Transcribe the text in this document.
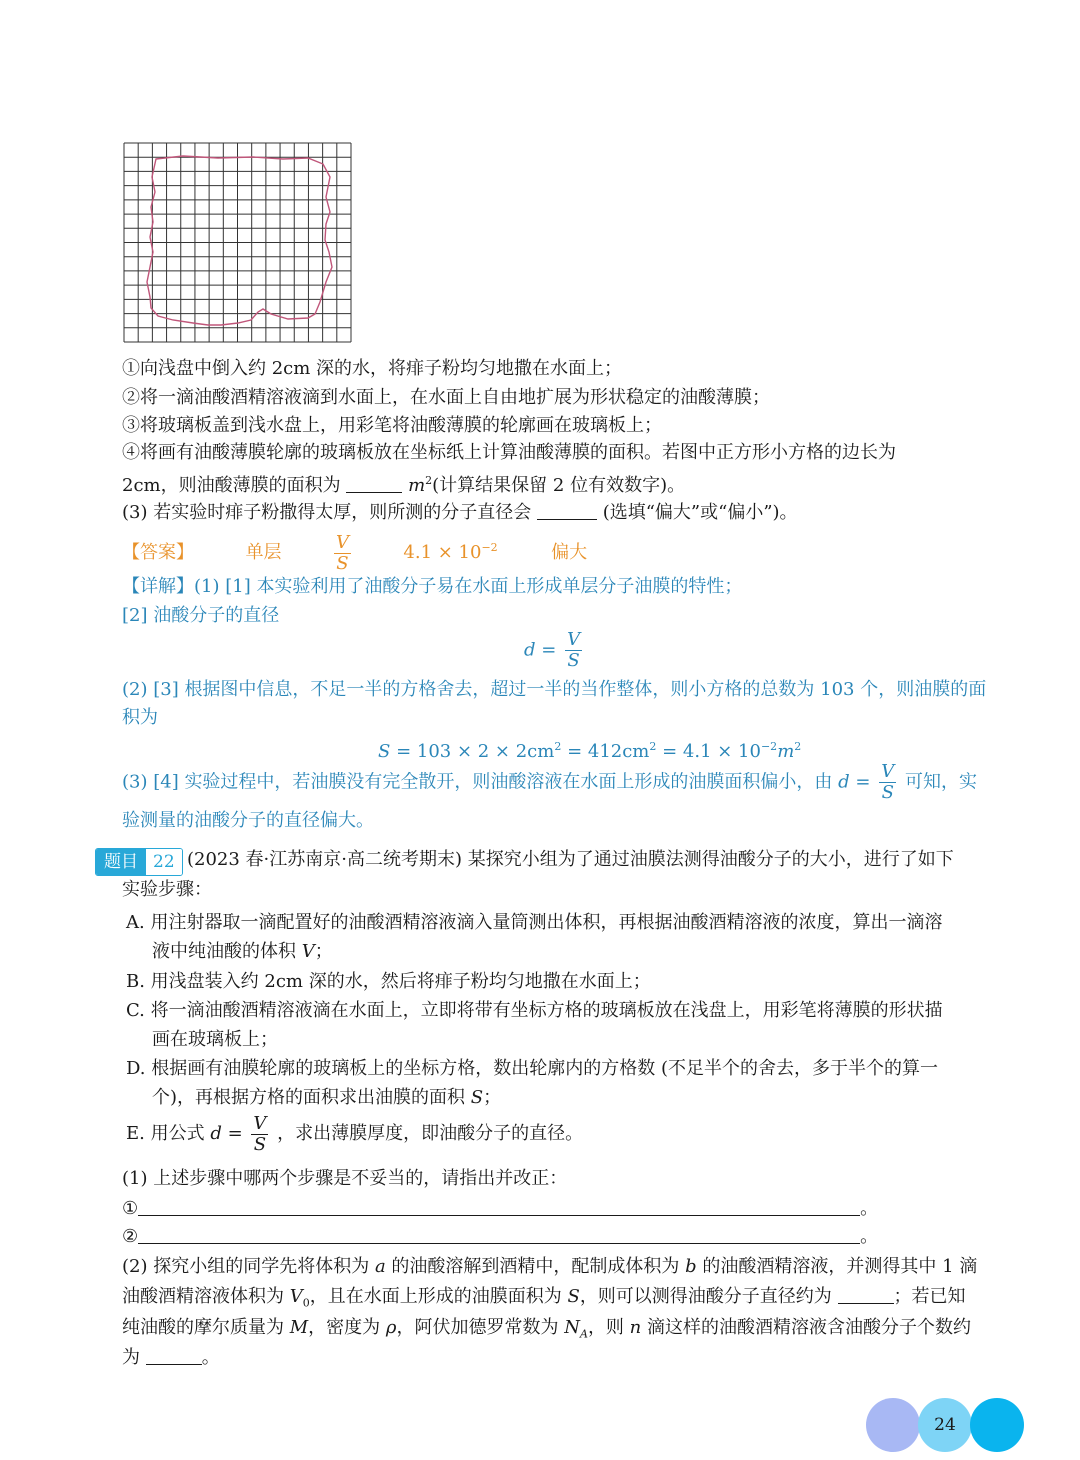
①向浅盘中倒入约 2cm 深的水，将痱子粉均匀地撒在水面上；
②将一滴油酸酒精溶液滴到水面上，在水面上自由地扩展为形状稳定的油酸薄膜；
③将玻璃板盖到浅水盘上，用彩笔将油酸薄膜的轮廓画在玻璃板上；
④将画有油酸薄膜轮廓的玻璃板放在坐标纸上计算油酸薄膜的面积。若图中正方形小方格的边长为
2cm，则油酸薄膜的面积为	$m^2$(计算结果保留 2 位有效数字)。
(3) 若实验时痱子粉撒得太厚，则所测的分子直径会	(选填“偏大”或“偏小”)。
【答案】	单层	$\frac{V}{S}$	$4.1 \times 10^{-2}$	偏大
【详解】(1) [1] 本实验利用了油酸分子易在水面上形成单层分子油膜的特性；
[2] 油酸分子的直径
$d = \frac{V}{S}$
(2) [3] 根据图中信息，不足一半的方格舍去，超过一半的当作整体，则小方格的总数为 103 个，则油膜的面
积为
$S = 103 \times 2 \times 2cm^2 = 412cm^2 = 4.1 \times 10^{-2}m^2$
(3) [4] 实验过程中，若油膜没有完全散开，则油酸溶液在水面上形成的油膜面积偏小，由 $d = \frac{V}{S}$ 可知，实
验测量的油酸分子的直径偏大。
题目 22 (2023 春·江苏南京·高二统考期末) 某探究小组为了通过油膜法测得油酸分子的大小，进行了如下
实验步骤：
A. 用注射器取一滴配置好的油酸酒精溶液滴入量筒测出体积，再根据油酸酒精溶液的浓度，算出一滴溶
液中纯油酸的体积 V；
B. 用浅盘装入约 2cm 深的水，然后将痱子粉均匀地撒在水面上；
C. 将一滴油酸酒精溶液滴在水面上，立即将带有坐标方格的玻璃板放在浅盘上，用彩笔将薄膜的形状描
画在玻璃板上；
D. 根据画有油膜轮廓的玻璃板上的坐标方格，数出轮廓内的方格数 (不足半个的舍去，多于半个的算一
个)，再根据方格的面积求出油膜的面积 S；
E. 用公式 $d = \frac{V}{S}$ ，求出薄膜厚度，即油酸分子的直径。
(1) 上述步骤中哪两个步骤是不妥当的，请指出并改正：
①	。
②	。
(2) 探究小组的同学先将体积为 a 的油酸溶解到酒精中，配制成体积为 b 的油酸酒精溶液，并测得其中 1 滴
油酸酒精溶液体积为 $V_0$，且在水面上形成的油膜面积为 S，则可以测得油酸分子直径约为	；若已知
纯油酸的摩尔质量为 M，密度为 ρ，阿伏加德罗常数为 $N_A$，则 n 滴这样的油酸酒精溶液含油酸分子个数约
为	。
24
